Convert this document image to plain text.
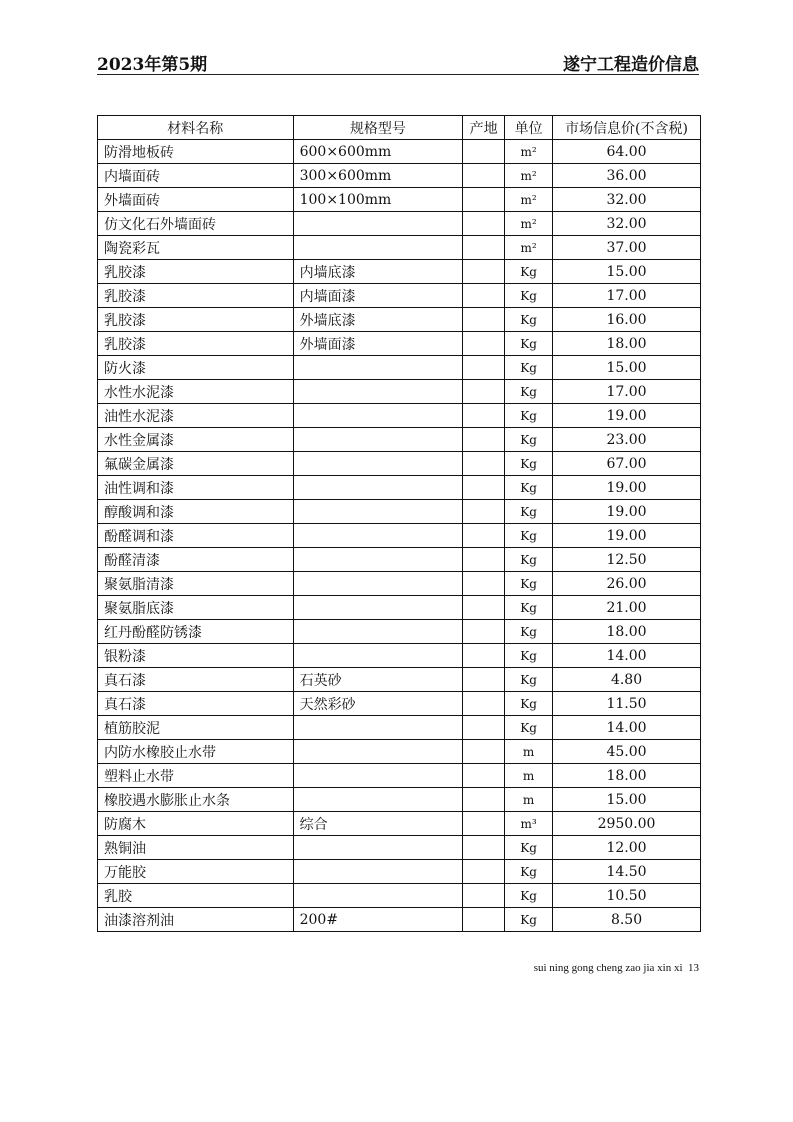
2023年第5期	遂宁工程造价信息
材料名称	规格型号	产地	单位	市场信息价(不含税)
防滑地板砖	600×600mm		m²	64.00
内墙面砖	300×600mm		m²	36.00
外墙面砖	100×100mm		m²	32.00
仿文化石外墙面砖			m²	32.00
陶瓷彩瓦			m²	37.00
乳胶漆	内墙底漆		Kg	15.00
乳胶漆	内墙面漆		Kg	17.00
乳胶漆	外墙底漆		Kg	16.00
乳胶漆	外墙面漆		Kg	18.00
防火漆			Kg	15.00
水性水泥漆			Kg	17.00
油性水泥漆			Kg	19.00
水性金属漆			Kg	23.00
氟碳金属漆			Kg	67.00
油性调和漆			Kg	19.00
醇酸调和漆			Kg	19.00
酚醛调和漆			Kg	19.00
酚醛清漆			Kg	12.50
聚氨脂清漆			Kg	26.00
聚氨脂底漆			Kg	21.00
红丹酚醛防锈漆			Kg	18.00
银粉漆			Kg	14.00
真石漆	石英砂		Kg	4.80
真石漆	天然彩砂		Kg	11.50
植筋胶泥			Kg	14.00
内防水橡胶止水带			m	45.00
塑料止水带			m	18.00
橡胶遇水膨胀止水条			m	15.00
防腐木	综合		m³	2950.00
熟铜油			Kg	12.00
万能胶			Kg	14.50
乳胶			Kg	10.50
油漆溶剂油	200#		Kg	8.50
sui ning gong cheng zao jia xin xi 13
